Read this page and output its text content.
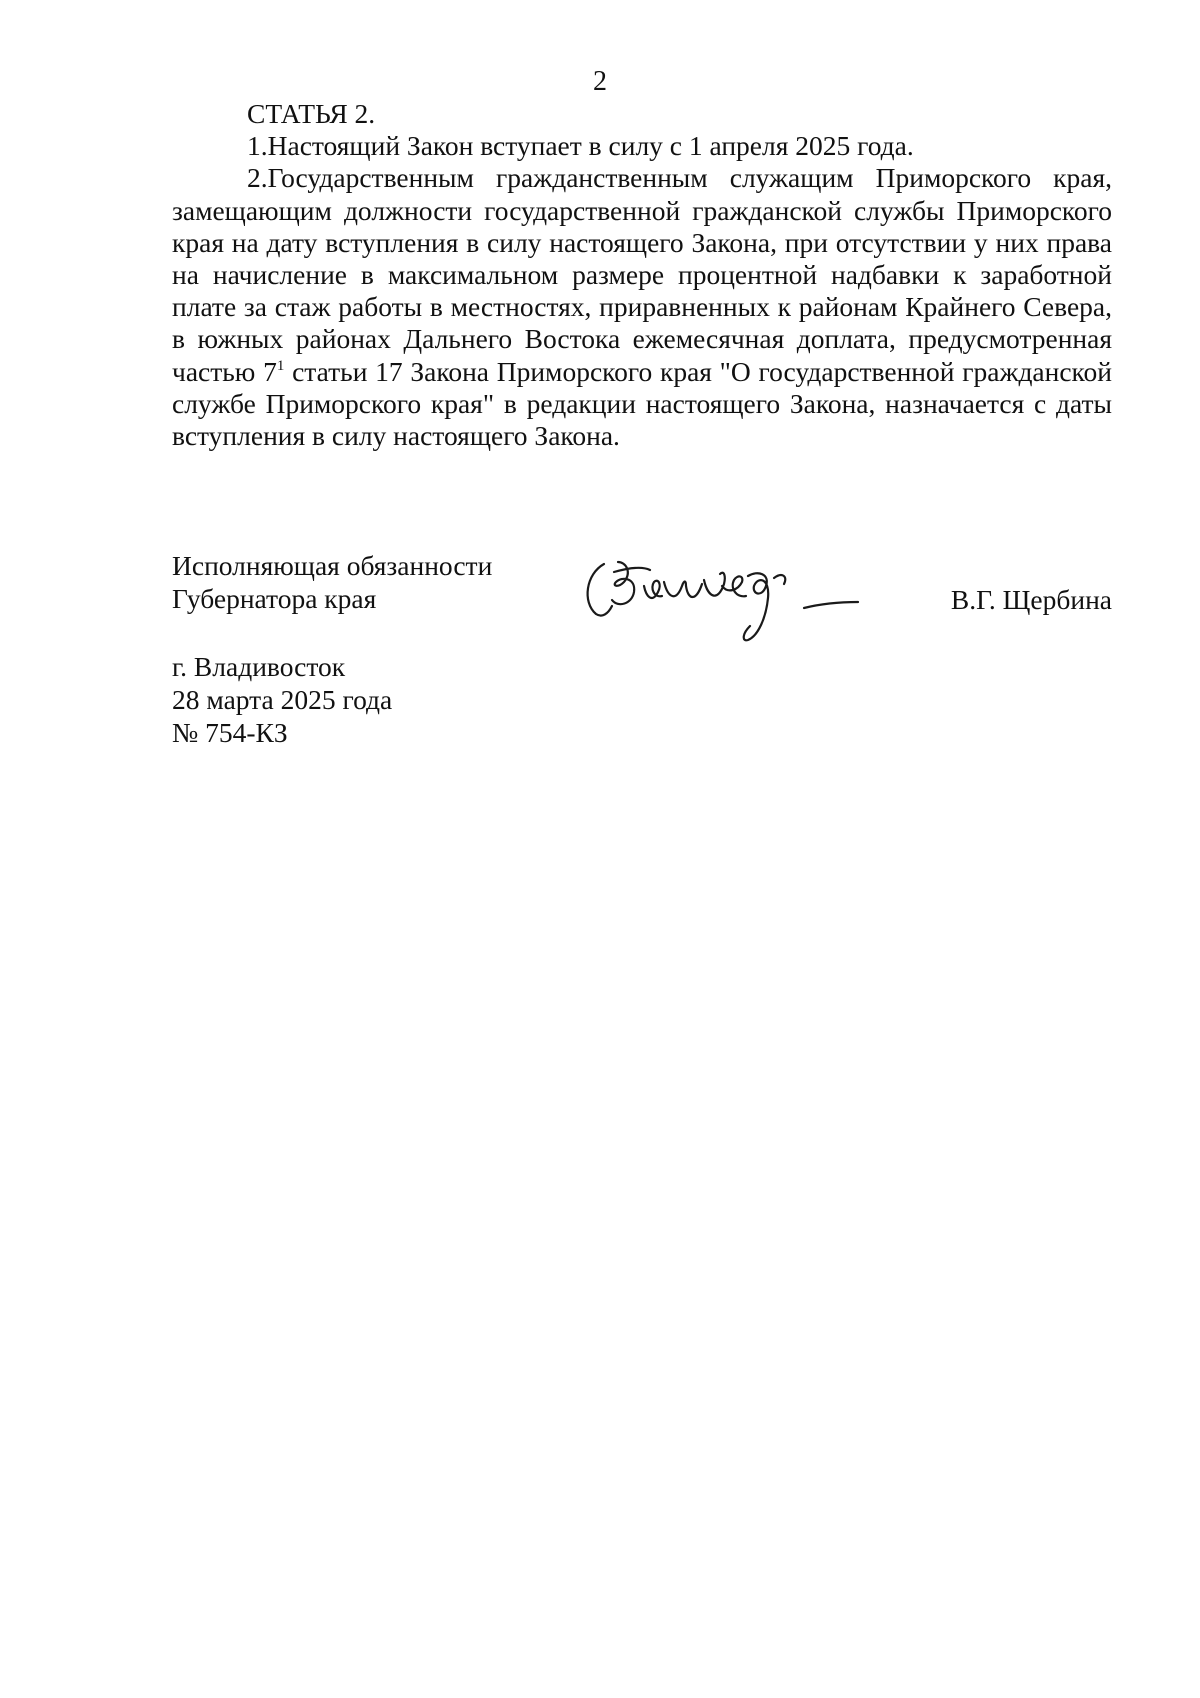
2
СТАТЬЯ 2.

1.Настоящий Закон вступает в силу с 1 апреля 2025 года.

2.Государственным гражданственным служащим Приморского края, замещающим должности государственной гражданской службы Приморского края на дату вступления в силу настоящего Закона, при отсутствии у них права на начисление в максимальном размере процентной надбавки к заработной плате за стаж работы в местностях, приравненных к районам Крайнего Севера, в южных районах Дальнего Востока ежемесячная доплата, предусмотренная частью $7^1$ статьи 17 Закона Приморского края "О государственной гражданской службе Приморского края" в редакции настоящего Закона, назначается с даты вступления в силу настоящего Закона.

Исполняющая обязанности
Губернатора края	В.Г. Щербина
г. Владивосток
28 марта 2025 года
№ 754-КЗ
